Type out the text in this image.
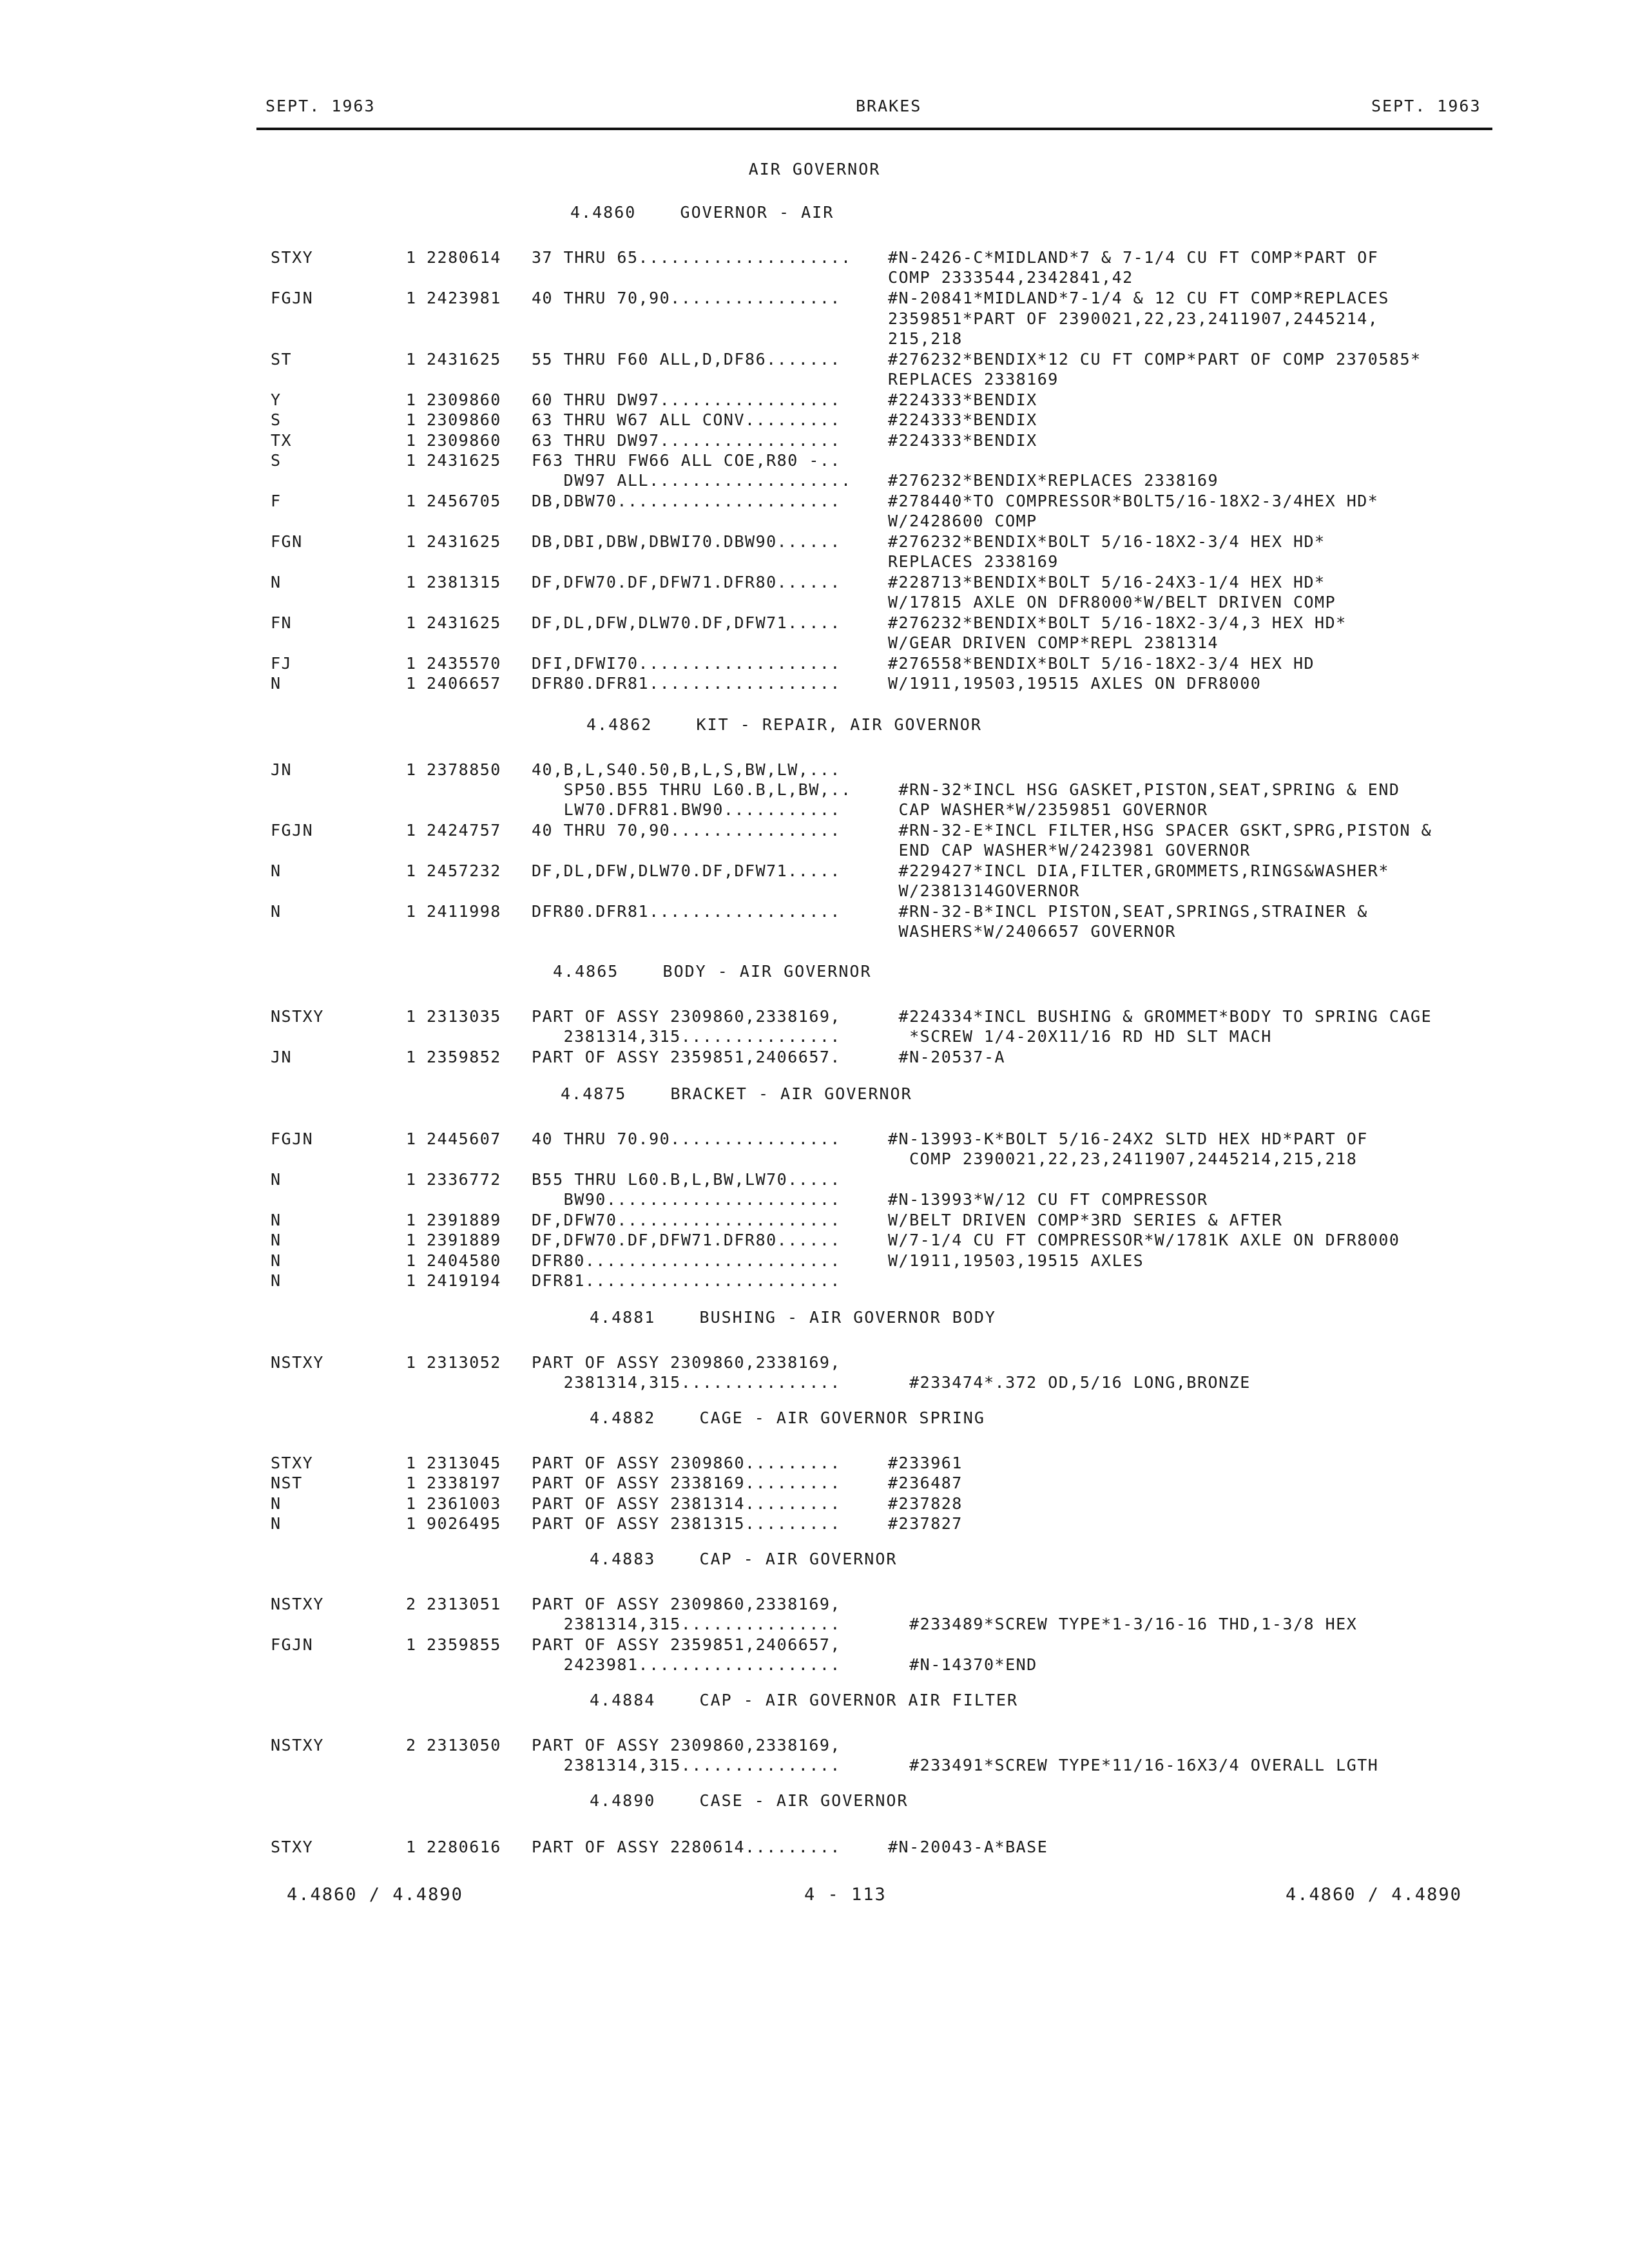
SEPT. 1963	BRAKES	SEPT. 1963
AIR GOVERNOR
4.4860	GOVERNOR - AIR
STXY	1 2280614 37 THRU 65.................... #N-2426-C*MIDLAND*7 & 7-1/4 CU FT COMP*PART OF
COMP 2333544,2342841,42
FGJN	1 2423981 40 THRU 70,90................	#N-20841*MIDLAND*7-1/4 & 12 CU FT COMP*REPLACES
2359851*PART OF 2390021,22,23,2411907,2445214,
215,218
ST	1 2431625 55 THRU F60 ALL,D,DF86.......	#276232*BENDIX*12 CU FT COMP*PART OF COMP 2370585*
REPLACES 2338169
Y	1 2309860 60 THRU DW97.................	#224333*BENDIX
S	1 2309860 63 THRU W67 ALL CONV.........	#224333*BENDIX
TX	1 2309860 63 THRU DW97.................	#224333*BENDIX
S	1 2431625 F63 THRU FW66 ALL COE,R80 -..
DW97 ALL................... #276232*BENDIX*REPLACES 2338169
F	1 2456705 DB,DBW70.....................	#278440*TO COMPRESSOR*BOLT5/16-18X2-3/4HEX HD*
W/2428600 COMP
FGN	1 2431625 DB,DBI,DBW,DBWI70.DBW90......	#276232*BENDIX*BOLT 5/16-18X2-3/4 HEX HD*
REPLACES 2338169
N	1 2381315 DF,DFW70.DF,DFW71.DFR80......	#228713*BENDIX*BOLT 5/16-24X3-1/4 HEX HD*
W/17815 AXLE ON DFR8000*W/BELT DRIVEN COMP
FN	1 2431625 DF,DL,DFW,DLW70.DF,DFW71.....	#276232*BENDIX*BOLT 5/16-18X2-3/4,3 HEX HD*
W/GEAR DRIVEN COMP*REPL 2381314
FJ	1 2435570 DFI,DFWI70...................	#276558*BENDIX*BOLT 5/16-18X2-3/4 HEX HD
N	1 2406657 DFR80.DFR81..................	W/1911,19503,19515 AXLES ON DFR8000
4.4862	KIT - REPAIR, AIR GOVERNOR
JN	1 2378850 40,B,L,S40.50,B,L,S,BW,LW,...
SP50.B55 THRU L60.B,L,BW,.. #RN-32*INCL HSG GASKET,PISTON,SEAT,SPRING & END
LW70.DFR81.BW90...........	CAP WASHER*W/2359851 GOVERNOR
FGJN	1 2424757 40 THRU 70,90................	#RN-32-E*INCL FILTER,HSG SPACER GSKT,SPRG,PISTON &
END CAP WASHER*W/2423981 GOVERNOR
N	1 2457232 DF,DL,DFW,DLW70.DF,DFW71.....	#229427*INCL DIA,FILTER,GROMMETS,RINGS&WASHER*
W/2381314GOVERNOR
N	1 2411998 DFR80.DFR81..................	#RN-32-B*INCL PISTON,SEAT,SPRINGS,STRAINER &
WASHERS*W/2406657 GOVERNOR
4.4865	BODY - AIR GOVERNOR
NSTXY	1 2313035 PART OF ASSY 2309860,2338169,	#224334*INCL BUSHING & GROMMET*BODY TO SPRING CAGE
2381314,315...............	*SCREW 1/4-20X11/16 RD HD SLT MACH
JN	1 2359852 PART OF ASSY 2359851,2406657.	#N-20537-A
4.4875	BRACKET - AIR GOVERNOR
FGJN	1 2445607 40 THRU 70.90................	#N-13993-K*BOLT 5/16-24X2 SLTD HEX HD*PART OF
COMP 2390021,22,23,2411907,2445214,215,218
N	1 2336772 B55 THRU L60.B,L,BW,LW70.....
BW90......................	#N-13993*W/12 CU FT COMPRESSOR
N	1 2391889 DF,DFW70.....................	W/BELT DRIVEN COMP*3RD SERIES & AFTER
N	1 2391889 DF,DFW70.DF,DFW71.DFR80......	W/7-1/4 CU FT COMPRESSOR*W/1781K AXLE ON DFR8000
N	1 2404580 DFR80........................	W/1911,19503,19515 AXLES
N	1 2419194 DFR81........................
4.4881	BUSHING - AIR GOVERNOR BODY
NSTXY	1 2313052 PART OF ASSY 2309860,2338169,
2381314,315...............	#233474*.372 OD,5/16 LONG,BRONZE
4.4882	CAGE - AIR GOVERNOR SPRING
STXY	1 2313045 PART OF ASSY 2309860.........	#233961
NST	1 2338197 PART OF ASSY 2338169.........	#236487
N	1 2361003 PART OF ASSY 2381314.........	#237828
N	1 9026495 PART OF ASSY 2381315.........	#237827
4.4883	CAP - AIR GOVERNOR
NSTXY	2 2313051 PART OF ASSY 2309860,2338169,
2381314,315...............	#233489*SCREW TYPE*1-3/16-16 THD,1-3/8 HEX
FGJN	1 2359855 PART OF ASSY 2359851,2406657,
2423981...................	#N-14370*END
4.4884	CAP - AIR GOVERNOR AIR FILTER
NSTXY	2 2313050 PART OF ASSY 2309860,2338169,
2381314,315...............	#233491*SCREW TYPE*11/16-16X3/4 OVERALL LGTH
4.4890	CASE - AIR GOVERNOR
STXY	1 2280616 PART OF ASSY 2280614.........	#N-20043-A*BASE
4.4860 / 4.4890	4 - 113	4.4860 / 4.4890
